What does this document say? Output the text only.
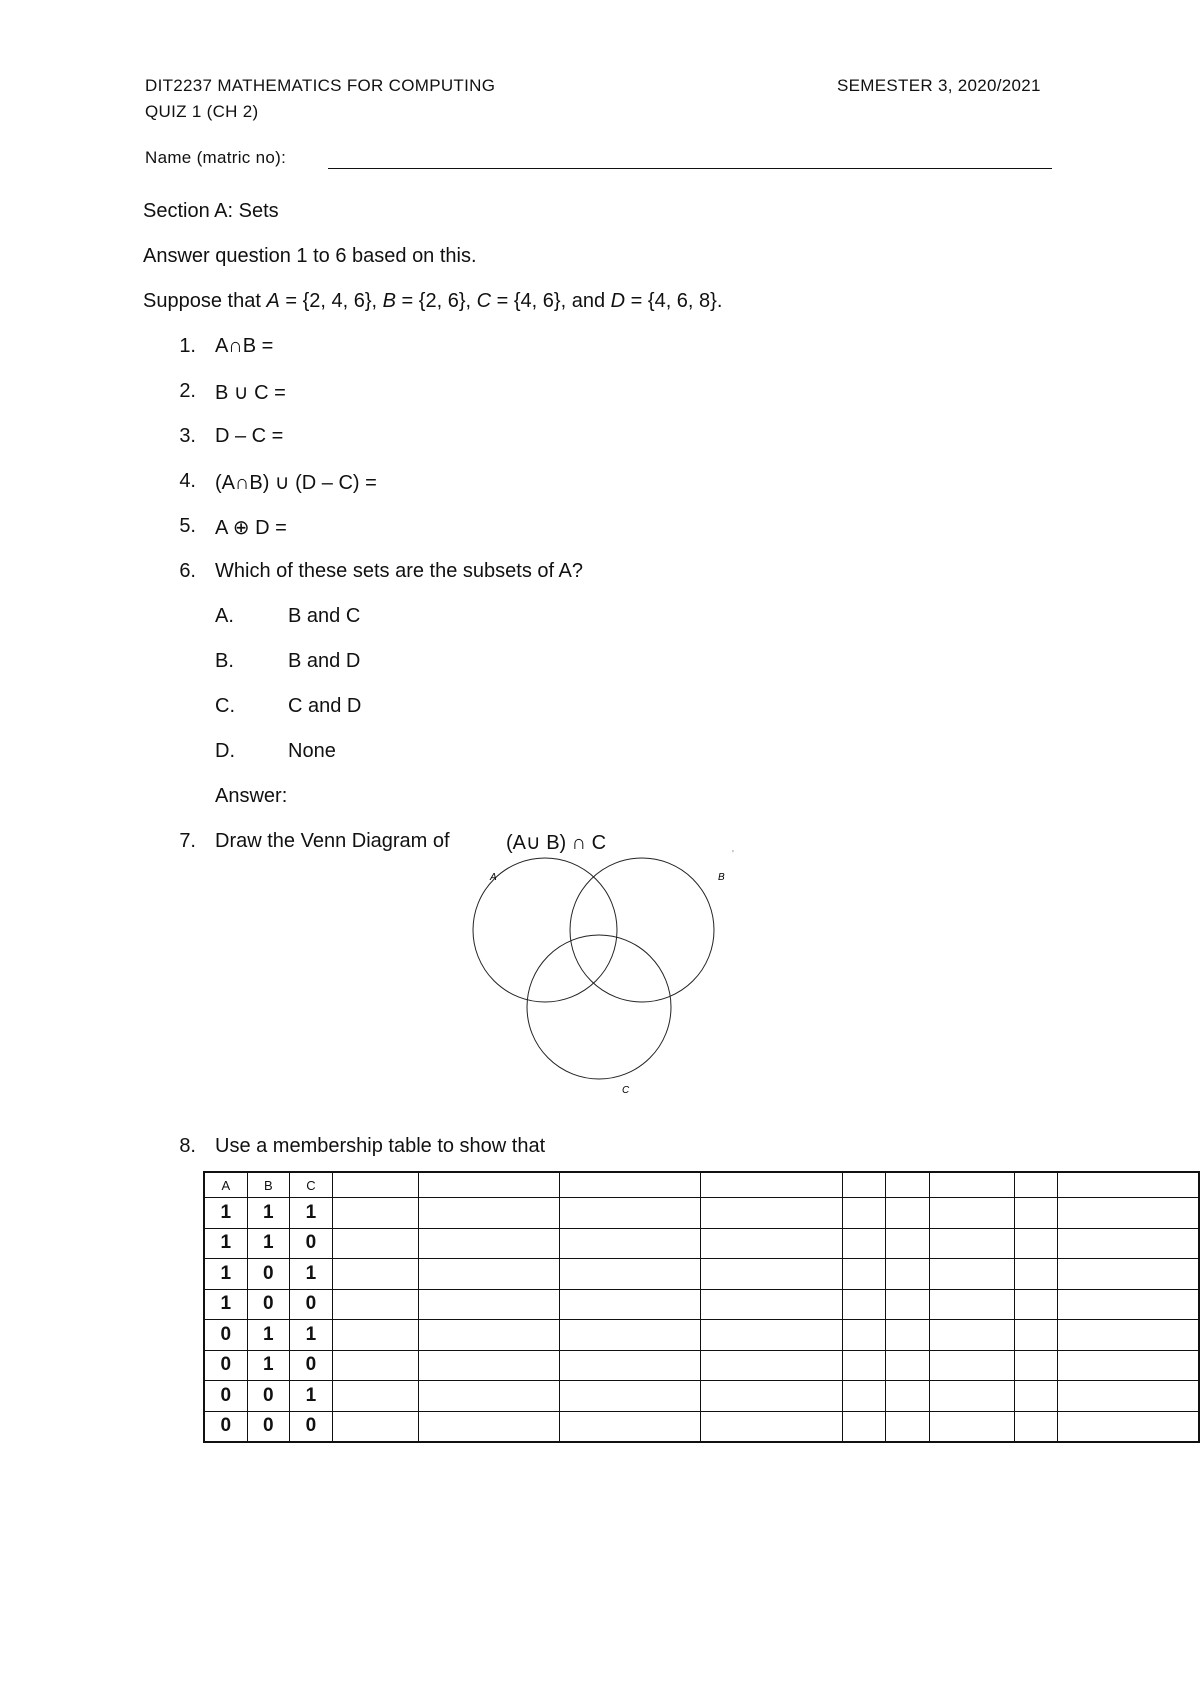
DIT2237 MATHEMATICS FOR COMPUTING	SEMESTER 3, 2020/2021
QUIZ 1 (CH 2)
Name (matric no):
Section A: Sets
Answer question 1 to 6 based on this.
Suppose that A = {2, 4, 6}, B = {2, 6}, C = {4, 6}, and D = {4, 6, 8}.
1. A∩B =
2. B ∪ C =
3. D – C =
4. (A∩B) ∪ (D – C) =
5. A ⊕ D =
6. Which of these sets are the subsets of A?
A.	B and C
B.	B and D
C.	C and D
D.	None
Answer:
7. Draw the Venn Diagram of	(A∪ B) ∩ C
A	B
C
'
8. Use a membership table to show that
A	B	C									
1	1	1									
1	1	0									
1	0	1									
1	0	0									
0	1	1									
0	1	0									
0	0	1									
0	0	0									
